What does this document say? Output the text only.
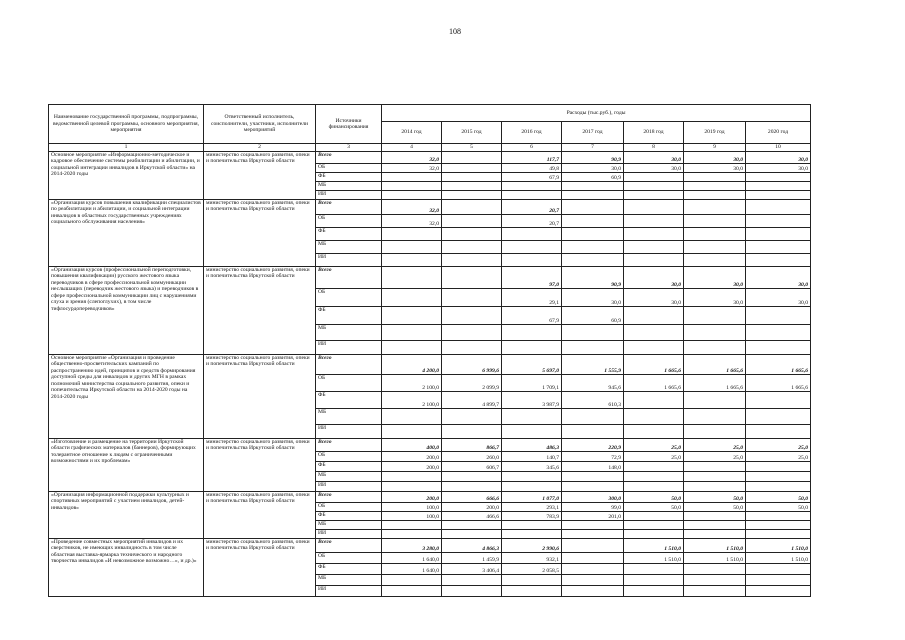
108
Наименование государственной программы, подпрограммы, ведомственной целевой программы, основного мероприятия, мероприятия	Ответственный исполнитель, соисполнители, участники, исполнители мероприятий	Источники финансирования	Расходы (тыс.руб.), годы						
			2014 год	2015 год	2016 год	2017 год	2018 год	2019 год	2020 год
1	2	3	4	5	6	7	8	9	10
Основное мероприятие «Информационно-методическое и кадровое обеспечение системы реабилитации и абилитации, и социальной интеграции инвалидов в Иркутской области» на 2014-2020 годы	министерство социального развития, опеки и попечительства Иркутской области	Всего	32,0		117,7	90,9	30,0	30,0	30,0
		ОБ	32,0		49,8	30,0	30,0	30,0	30,0
		ФБ			67,9	60,9			
		МБ							
		ИИ							
«Организация курсов повышения квалификации специалистов по реабилитации и абилитации, и социальной интеграции инвалидов в областных государственных учреждениях социального обслуживания населения»	министерство социального развития, опеки и попечительства Иркутской области	Всего	32,0		20,7				
		ОБ	32,0		20,7				
		ФБ							
		МБ							
		ИИ							
«Организация курсов (профессиональной переподготовки, повышения квалификации) русского жестового языка переводчиков в сфере профессиональной коммуникации неслышащих (переводчик жестового языка) и переводчиков в сфере профессиональной коммуникации лиц с нарушениями слуха и зрения (слепоглухих), в том числе тифлосурдопереводчиков»	министерство социального развития, опеки и попечительства Иркутской области	Всего			97,0	90,9	30,0	30,0	30,0
		ОБ			29,1	30,0	30,0	30,0	30,0
		ФБ			67,9	60,9			
		МБ							
		ИИ							
Основное мероприятие «Организация и проведение общественно-просветительских кампаний по распространению идей, принципов и средств формирования доступной среды для инвалидов и других МГН в рамках полномочий министерства социального развития, опеки и попечительства Иркутской области на 2014-2020 годы на 2014-2020 годы	министерство социального развития, опеки и попечительства Иркутской области	Всего	4 200,0	6 999,6	5 697,0	1 555,9	1 665,6	1 665,6	1 665,6
		ОБ	2 100,0	2 099,9	1 709,1	945,6	1 665,6	1 665,6	1 665,6
		ФБ	2 100,0	4 899,7	3 987,9	610,3			
		МБ							
		ИИ							
«Изготовление и размещение на территории Иркутской области графических материалов (баннеров), формирующих толерантное отношение к людям с ограниченными возможностями и их проблемам»	министерство социального развития, опеки и попечительства Иркутской области	Всего	400,0	866,7	486,3	220,9	25,0	25,0	25,0
		ОБ	200,0	260,0	140,7	72,9	25,0	25,0	25,0
		ФБ	200,0	606,7	345,6	148,0			
		МБ							
		ИИ							
«Организация информационной поддержки культурных и спортивных мероприятий с участием инвалидов, детей-инвалидов»	министерство социального развития, опеки и попечительства Иркутской области	Всего	200,0	666,6	1 077,0	300,0	50,0	50,0	50,0
		ОБ	100,0	200,0	293,1	99,0	50,0	50,0	50,0
		ФБ	100,0	466,6	783,9	201,0			
		МБ							
		ИИ							
«Проведение совместных мероприятий инвалидов и их сверстников, не имеющих инвалидность в том числе областная выставка-ярмарка технического и народного творчества инвалидов «И невозможное возможно…», и др.)»	министерство социального развития, опеки и попечительства Иркутской области	Всего	3 280,0	4 866,3	2 990,6		1 510,0	1 510,0	1 510,0
		ОБ	1 640,0	1 459,9	932,1		1 510,0	1 510,0	1 510,0
		ФБ	1 640,0	3 406,4	2 058,5				
		МБ							
		ИИ							
